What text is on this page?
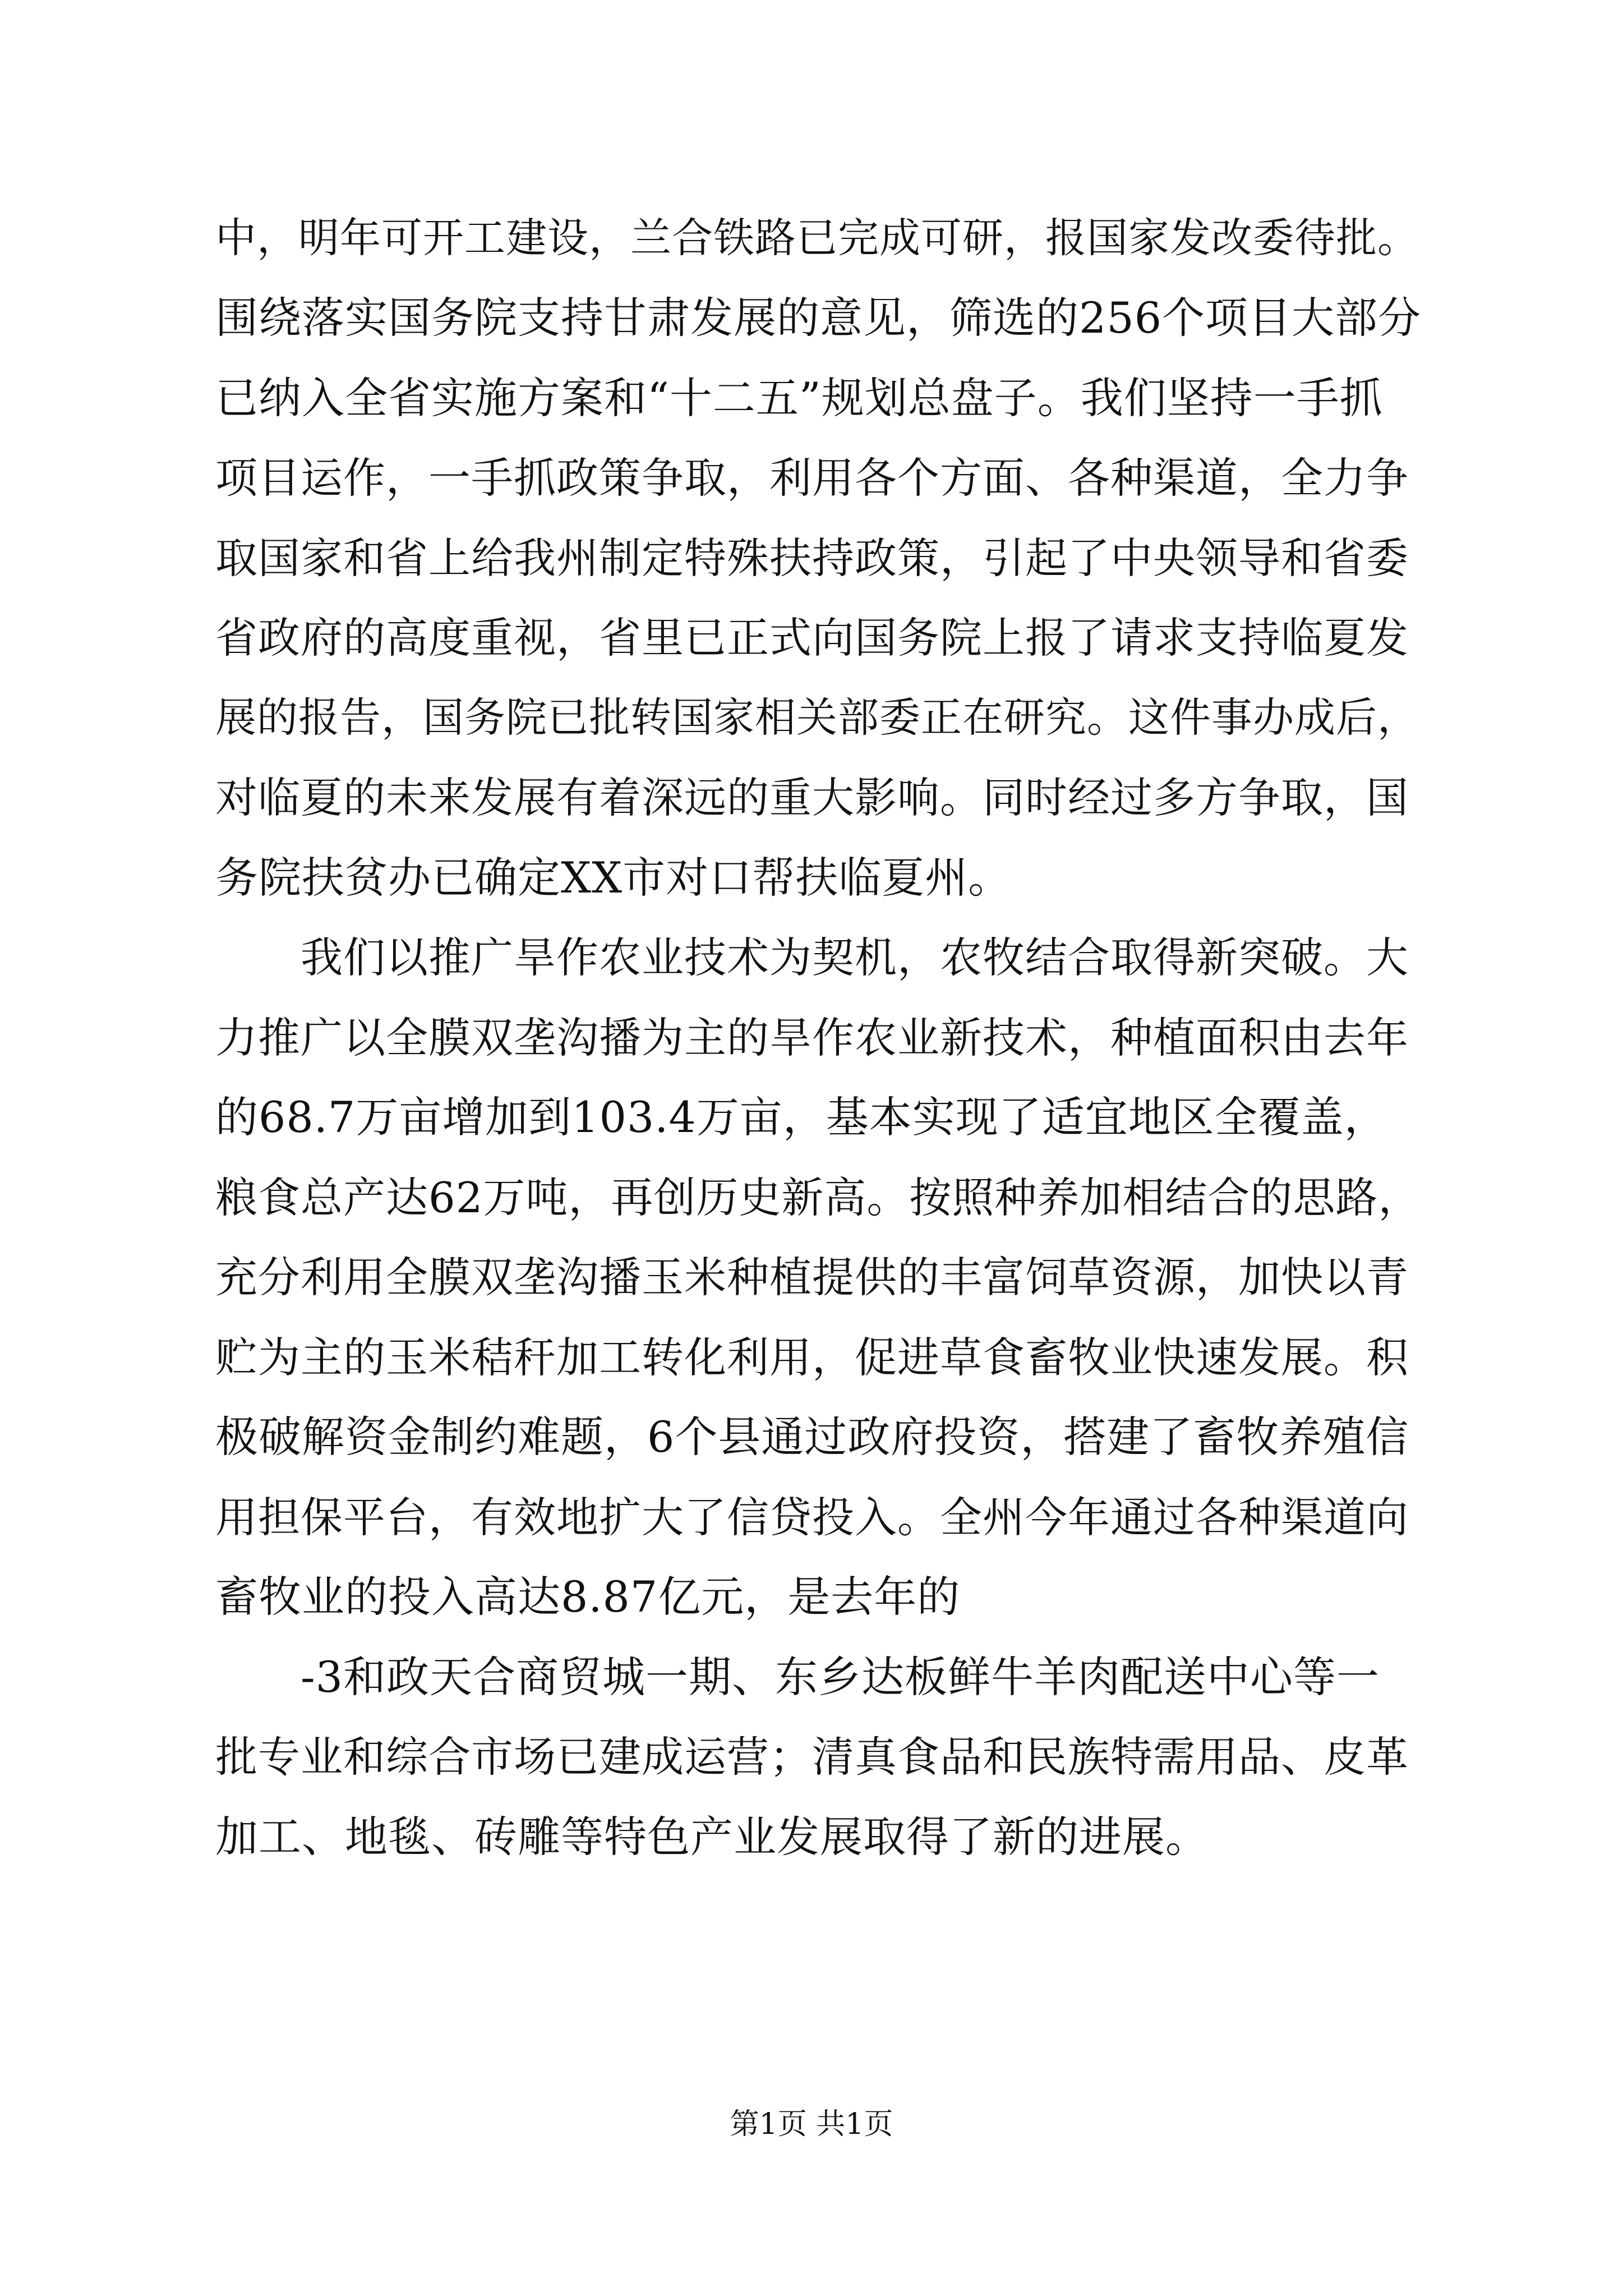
中，明年可开工建设，兰合铁路已完成可研，报国家发改委待批。
围绕落实国务院支持甘肃发展的意见，筛选的256个项目大部分
已纳入全省实施方案和“十二五”规划总盘子。我们坚持一手抓
项目运作，一手抓政策争取，利用各个方面、各种渠道，全力争
取国家和省上给我州制定特殊扶持政策，引起了中央领导和省委
省政府的高度重视，省里已正式向国务院上报了请求支持临夏发
展的报告，国务院已批转国家相关部委正在研究。这件事办成后，
对临夏的未来发展有着深远的重大影响。同时经过多方争取，国
务院扶贫办已确定XX市对口帮扶临夏州。
我们以推广旱作农业技术为契机，农牧结合取得新突破。大
力推广以全膜双垄沟播为主的旱作农业新技术，种植面积由去年
的68.7万亩增加到103.4万亩，基本实现了适宜地区全覆盖，
粮食总产达62万吨，再创历史新高。按照种养加相结合的思路，
充分利用全膜双垄沟播玉米种植提供的丰富饲草资源，加快以青
贮为主的玉米秸秆加工转化利用，促进草食畜牧业快速发展。积
极破解资金制约难题，6个县通过政府投资，搭建了畜牧养殖信
用担保平台，有效地扩大了信贷投入。全州今年通过各种渠道向
畜牧业的投入高达8.87亿元，是去年的
-3和政天合商贸城一期、东乡达板鲜牛羊肉配送中心等一
批专业和综合市场已建成运营；清真食品和民族特需用品、皮革
加工、地毯、砖雕等特色产业发展取得了新的进展。
第1页 共1页
